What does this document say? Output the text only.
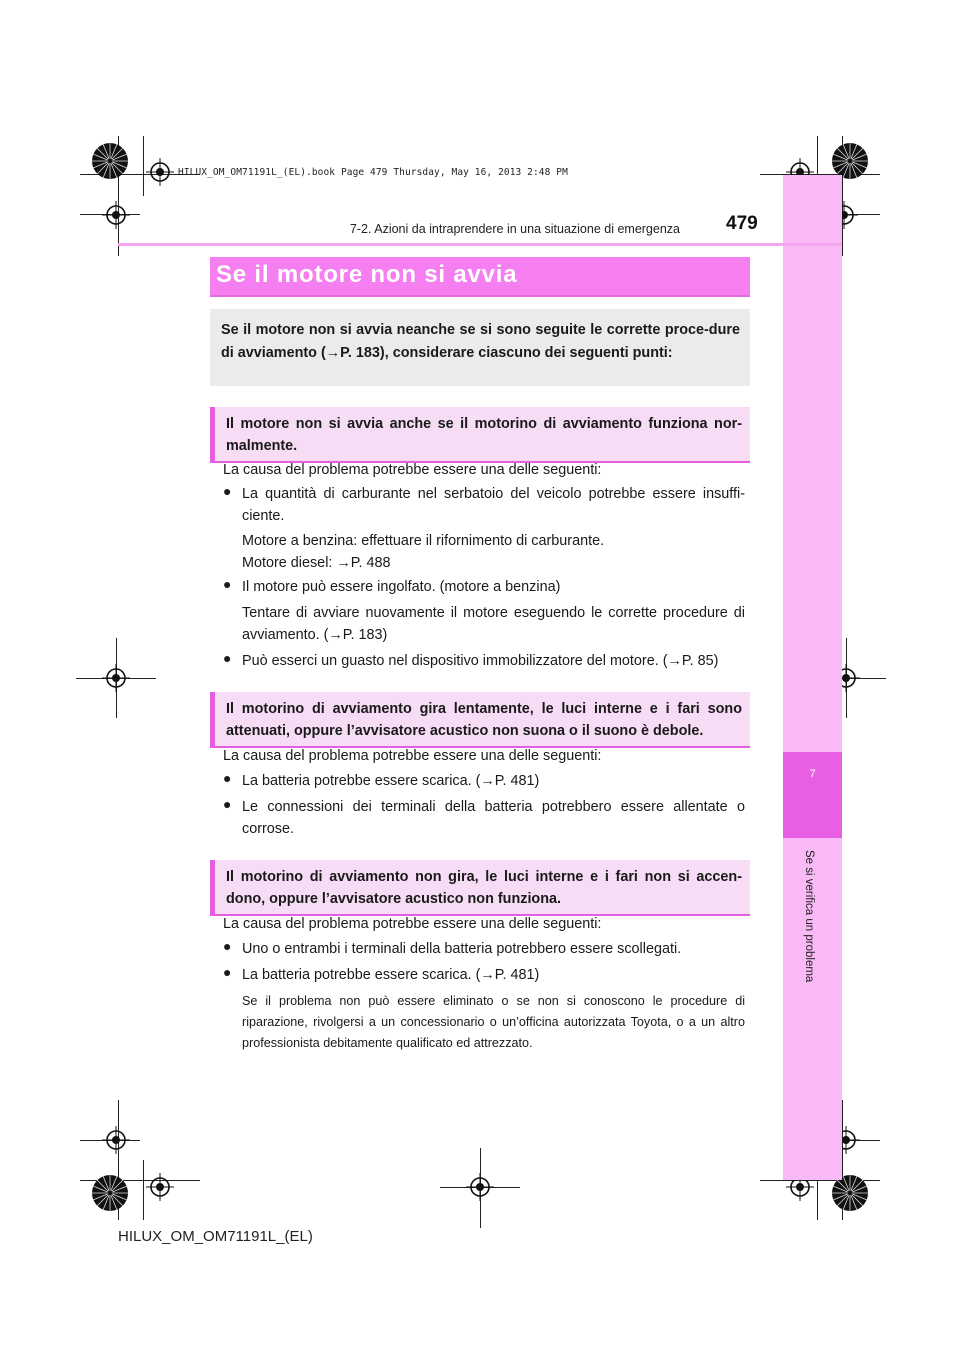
HILUX_OM_OM71191L_(EL).book Page 479 Thursday, May 16, 2013 2:48 PM
7
Se si verifica un problema
7-2. Azioni da intraprendere in una situazione di emergenza 479
Se il motore non si avvia
Se il motore non si avvia neanche se si sono seguite le corrette proce-dure di avviamento (→P. 183), considerare ciascuno dei seguenti punti:
Il motore non si avvia anche se il motorino di avviamento funziona nor-malmente.
La causa del problema potrebbe essere una delle seguenti:
● La quantità di carburante nel serbatoio del veicolo potrebbe essere insuffi-ciente.
Motore a benzina: effettuare il rifornimento di carburante.
Motore diesel: →P. 488
● Il motore può essere ingolfato. (motore a benzina)
Tentare di avviare nuovamente il motore eseguendo le corrette procedure di avviamento. (→P. 183)
● Può esserci un guasto nel dispositivo immobilizzatore del motore. (→P. 85)
Il motorino di avviamento gira lentamente, le luci interne e i fari sono attenuati, oppure l’avvisatore acustico non suona o il suono è debole.
La causa del problema potrebbe essere una delle seguenti:
● La batteria potrebbe essere scarica. (→P. 481)
● Le connessioni dei terminali della batteria potrebbero essere allentate o corrose.
Il motorino di avviamento non gira, le luci interne e i fari non si accen-dono, oppure l’avvisatore acustico non funziona.
La causa del problema potrebbe essere una delle seguenti:
● Uno o entrambi i terminali della batteria potrebbero essere scollegati.
● La batteria potrebbe essere scarica. (→P. 481)
Se il problema non può essere eliminato o se non si conoscono le procedure di riparazione, rivolgersi a un concessionario o un’officina autorizzata Toyota, o a un altro professionista debitamente qualificato ed attrezzato.
HILUX_OM_OM71191L_(EL)
